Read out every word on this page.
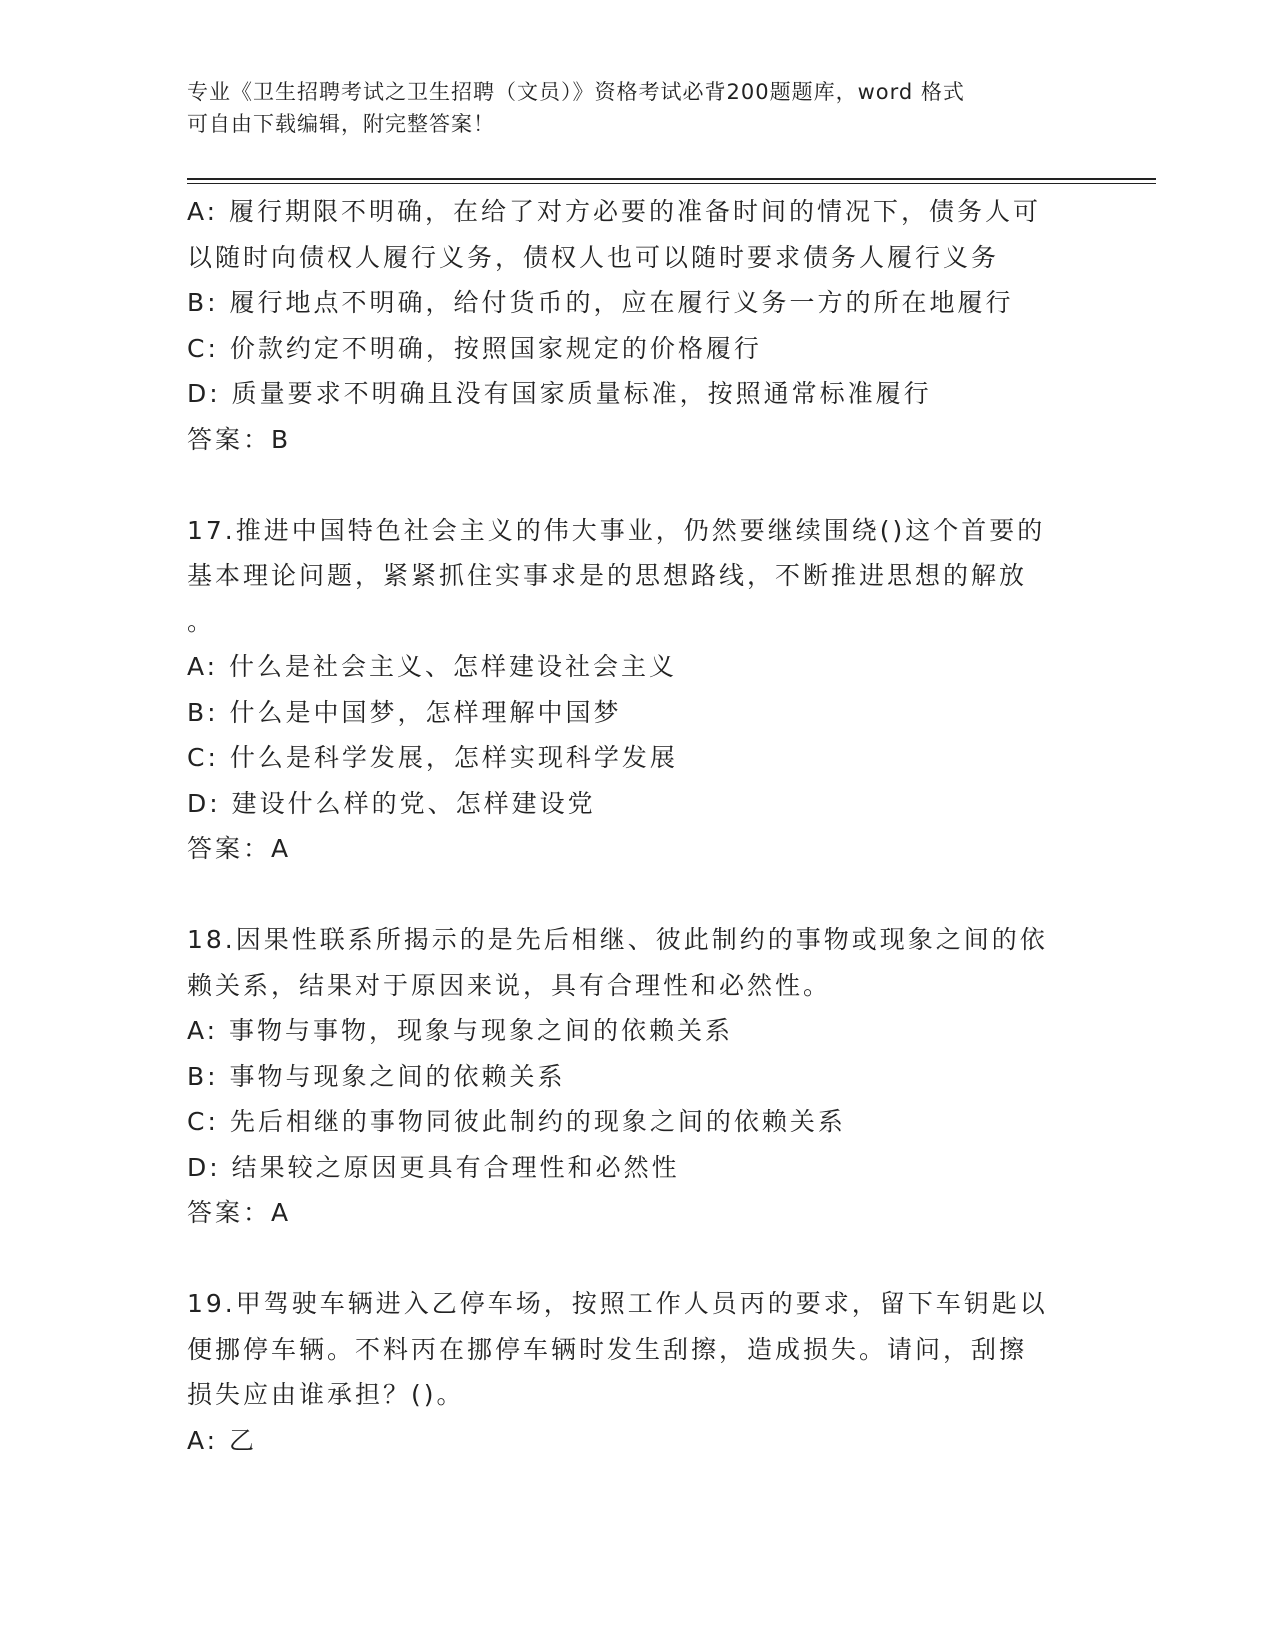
专业《卫生招聘考试之卫生招聘（文员）》资格考试必背200题题库，word 格式
可自由下载编辑，附完整答案！
A: 履行期限不明确，在给了对方必要的准备时间的情况下，债务人可
以随时向债权人履行义务，债权人也可以随时要求债务人履行义务
B: 履行地点不明确，给付货币的，应在履行义务一方的所在地履行
C: 价款约定不明确，按照国家规定的价格履行
D: 质量要求不明确且没有国家质量标准，按照通常标准履行
答案：B
17.推进中国特色社会主义的伟大事业，仍然要继续围绕()这个首要的
基本理论问题，紧紧抓住实事求是的思想路线，不断推进思想的解放
。
A: 什么是社会主义、怎样建设社会主义
B: 什么是中国梦，怎样理解中国梦
C: 什么是科学发展，怎样实现科学发展
D: 建设什么样的党、怎样建设党
答案：A
18.因果性联系所揭示的是先后相继、彼此制约的事物或现象之间的依
赖关系，结果对于原因来说，具有合理性和必然性。
A: 事物与事物，现象与现象之间的依赖关系
B: 事物与现象之间的依赖关系
C: 先后相继的事物同彼此制约的现象之间的依赖关系
D: 结果较之原因更具有合理性和必然性
答案：A
19.甲驾驶车辆进入乙停车场，按照工作人员丙的要求，留下车钥匙以
便挪停车辆。不料丙在挪停车辆时发生刮擦，造成损失。请问，刮擦
损失应由谁承担？()。
A: 乙
